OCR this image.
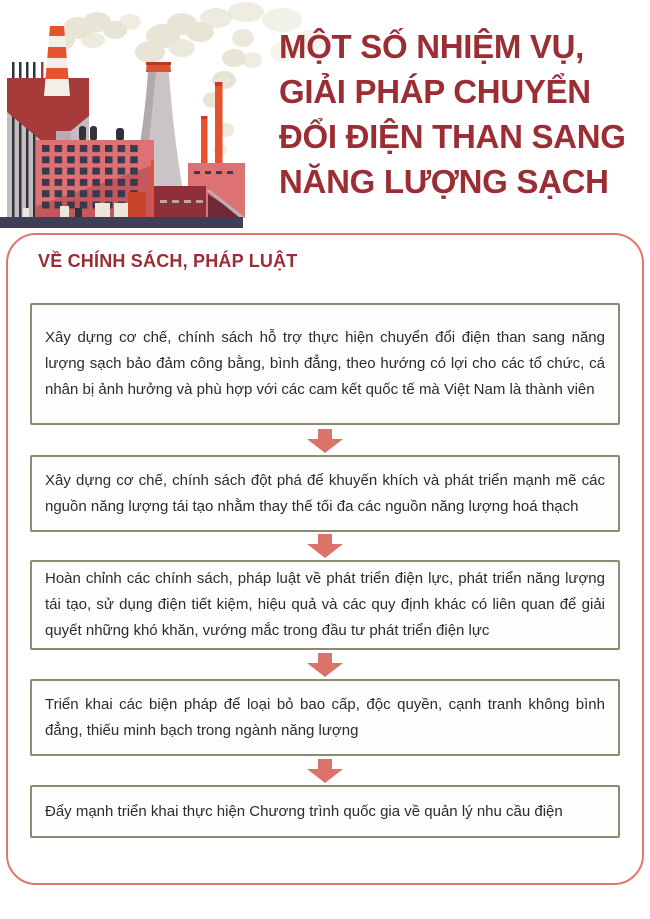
MỘT SỐ NHIỆM VỤ,
GIẢI PHÁP CHUYỂN
ĐỔI ĐIỆN THAN SANG
NĂNG LƯỢNG SẠCH
VỀ CHÍNH SÁCH, PHÁP LUẬT

Xây dựng cơ chế, chính sách hỗ trợ thực hiện chuyển đổi điện than sang năng lượng sạch bảo đảm công bằng, bình đẳng, theo hướng có lợi cho các tổ chức, cá nhân bị ảnh hưởng và phù hợp với các cam kết quốc tế mà Việt Nam là thành viên

Xây dựng cơ chế, chính sách đột phá để khuyến khích và phát triển mạnh mẽ các nguồn năng lượng tái tạo nhằm thay thế tối đa các nguồn năng lượng hoá thạch

Hoàn chỉnh các chính sách, pháp luật về phát triển điện lực, phát triển năng lượng tái tạo, sử dụng điện tiết kiệm, hiệu quả và các quy định khác có liên quan để giải quyết những khó khăn, vướng mắc trong đầu tư phát triển điện lực

Triển khai các biện pháp để loại bỏ bao cấp, độc quyền, cạnh tranh không bình đẳng, thiếu minh bạch trong ngành năng lượng

Đẩy mạnh triển khai thực hiện Chương trình quốc gia về quản lý nhu cầu điện
